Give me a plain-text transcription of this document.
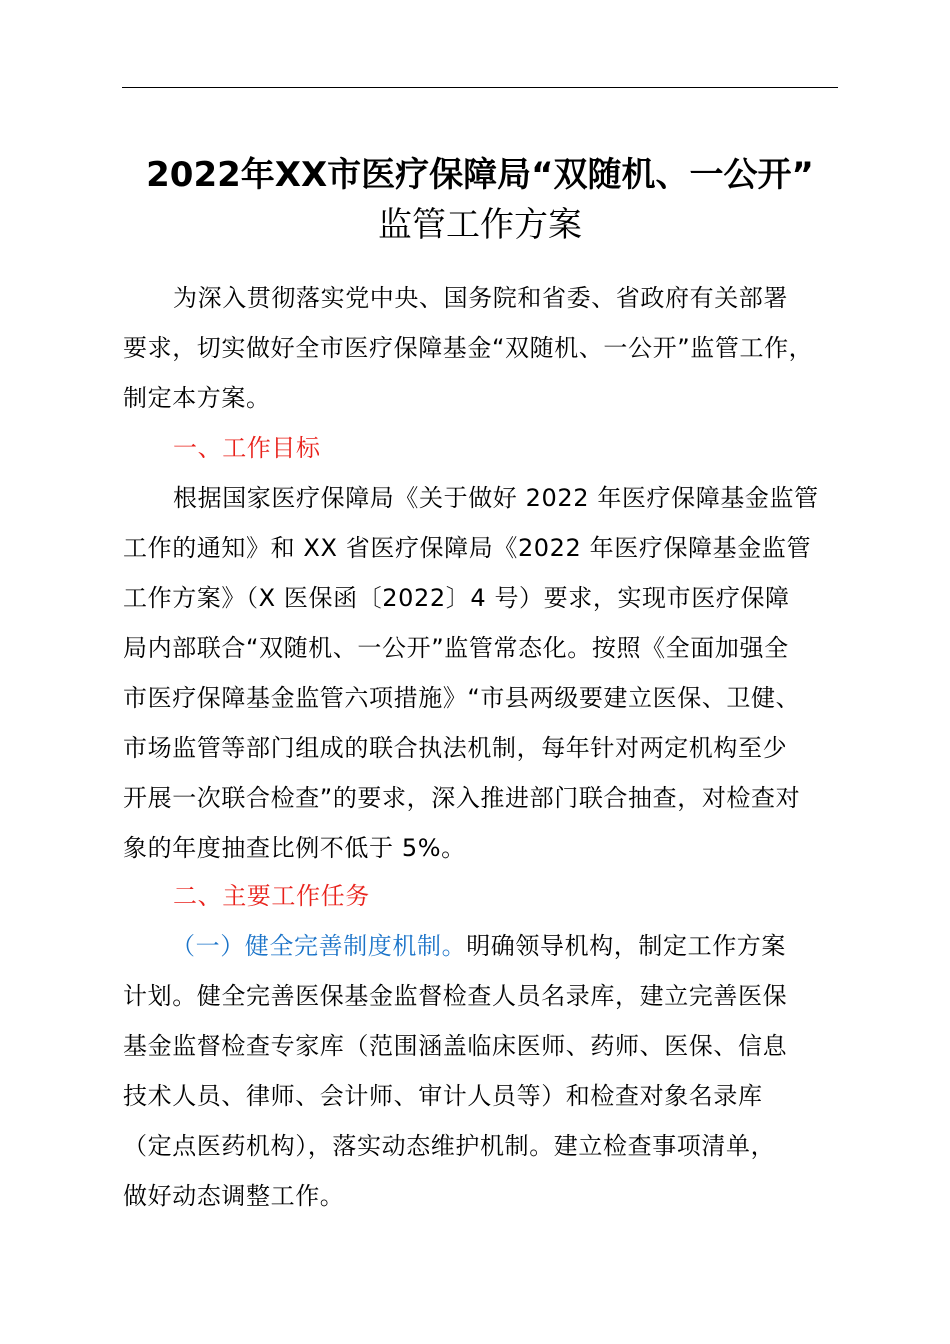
2022年XX市医疗保障局“双随机、一公开”
监管工作方案
为深入贯彻落实党中央、国务院和省委、省政府有关部署
要求，切实做好全市医疗保障基金“双随机、一公开”监管工作，
制定本方案。
一、工作目标
根据国家医疗保障局《关于做好 2022 年医疗保障基金监管
工作的通知》和 XX 省医疗保障局《2022 年医疗保障基金监管
工作方案》（X 医保函〔2022〕4 号）要求，实现市医疗保障
局内部联合“双随机、一公开”监管常态化。按照《全面加强全
市医疗保障基金监管六项措施》“市县两级要建立医保、卫健、
市场监管等部门组成的联合执法机制，每年针对两定机构至少
开展一次联合检查”的要求，深入推进部门联合抽查，对检查对
象的年度抽查比例不低于 5%。
二、主要工作任务
（一）健全完善制度机制。明确领导机构，制定工作方案
计划。健全完善医保基金监督检查人员名录库，建立完善医保
基金监督检查专家库（范围涵盖临床医师、药师、医保、信息
技术人员、律师、会计师、审计人员等）和检查对象名录库
（定点医药机构），落实动态维护机制。建立检查事项清单，
做好动态调整工作。
